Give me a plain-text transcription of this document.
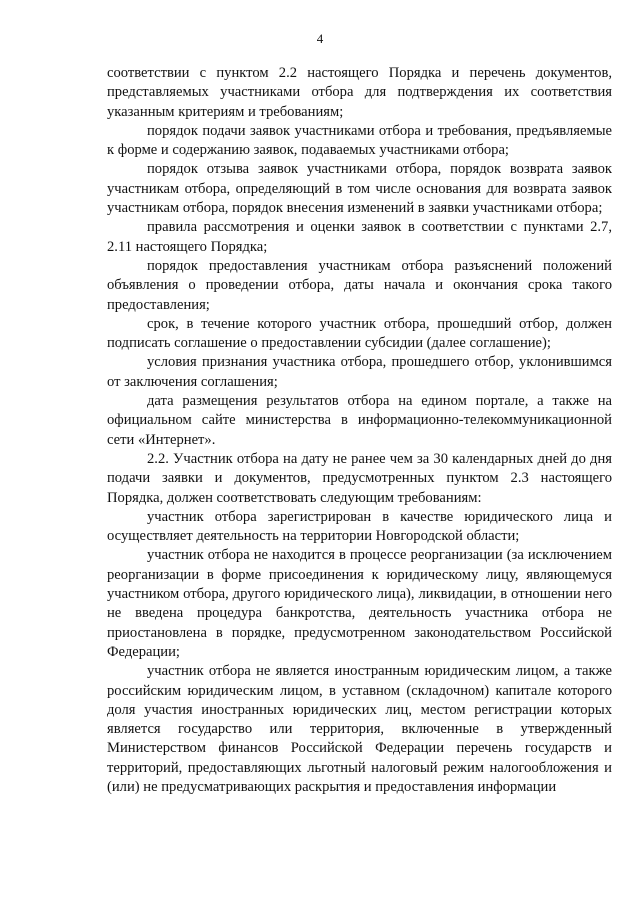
4

соответствии с пунктом 2.2 настоящего Порядка и перечень документов, представляемых участниками отбора для подтверждения их соответствия указанным критериям и требованиям;

порядок подачи заявок участниками отбора и требования, предъявляемые к форме и содержанию заявок, подаваемых участниками отбора;

порядок отзыва заявок участниками отбора, порядок возврата заявок участникам отбора, определяющий в том числе основания для возврата заявок участникам отбора, порядок внесения изменений в заявки участниками отбора;

правила рассмотрения и оценки заявок в соответствии с пунктами 2.7, 2.11 настоящего Порядка;

порядок предоставления участникам отбора разъяснений положений объявления о проведении отбора, даты начала и окончания срока такого предоставления;

срок, в течение которого участник отбора, прошедший отбор, должен подписать соглашение о предоставлении субсидии (далее соглашение);

условия признания участника отбора, прошедшего отбор, уклонившимся от заключения соглашения;

дата размещения результатов отбора на едином портале, а также на официальном сайте министерства в информационно-телекоммуникационной сети «Интернет».

2.2. Участник отбора на дату не ранее чем за 30 календарных дней до дня подачи заявки и документов, предусмотренных пунктом 2.3 настоящего Порядка, должен соответствовать следующим требованиям:

участник отбора зарегистрирован в качестве юридического лица и осуществляет деятельность на территории Новгородской области;

участник отбора не находится в процессе реорганизации (за исключением реорганизации в форме присоединения к юридическому лицу, являющемуся участником отбора, другого юридического лица), ликвидации, в отношении него не введена процедура банкротства, деятельность участника отбора не приостановлена в порядке, предусмотренном законодательством Российской Федерации;

участник отбора не является иностранным юридическим лицом, а также российским юридическим лицом, в уставном (складочном) капитале которого доля участия иностранных юридических лиц, местом регистрации которых является государство или территория, включенные в утвержденный Министерством финансов Российской Федерации перечень государств и территорий, предоставляющих льготный налоговый режим налогообложения и (или) не предусматривающих раскрытия и предоставления информации
